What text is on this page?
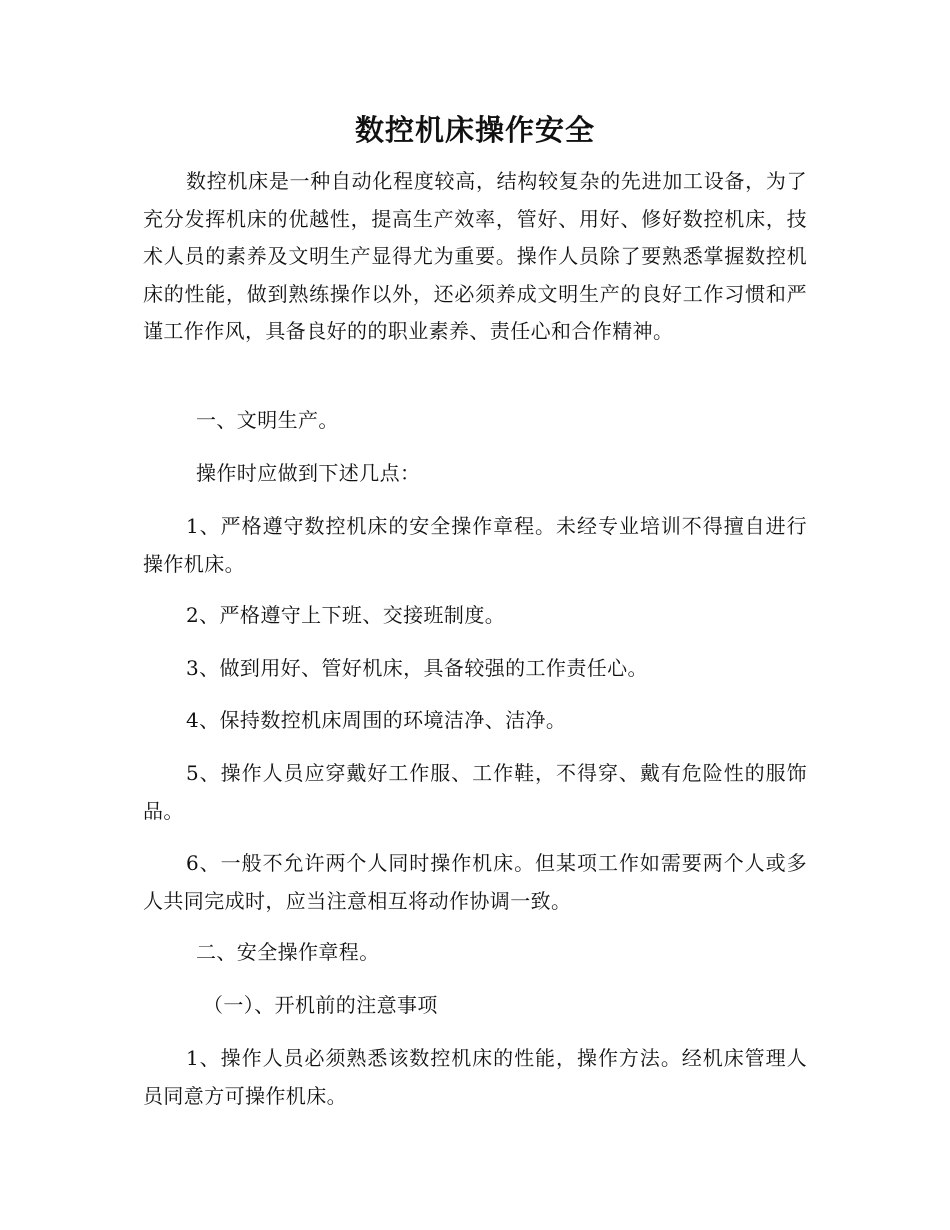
数控机床操作安全

数控机床是一种自动化程度较高，结构较复杂的先进加工设备，为了充分发挥机床的优越性，提高生产效率，管好、用好、修好数控机床，技术人员的素养及文明生产显得尤为重要。操作人员除了要熟悉掌握数控机床的性能，做到熟练操作以外，还必须养成文明生产的良好工作习惯和严谨工作作风，具备良好的的职业素养、责任心和合作精神。

一、文明生产。

操作时应做到下述几点：

1、严格遵守数控机床的安全操作章程。未经专业培训不得擅自进行操作机床。

2、严格遵守上下班、交接班制度。

3、做到用好、管好机床，具备较强的工作责任心。

4、保持数控机床周围的环境洁净、洁净。

5、操作人员应穿戴好工作服、工作鞋，不得穿、戴有危险性的服饰品。

6、一般不允许两个人同时操作机床。但某项工作如需要两个人或多人共同完成时，应当注意相互将动作协调一致。

二、安全操作章程。

（一）、开机前的注意事项

1、操作人员必须熟悉该数控机床的性能，操作方法。经机床管理人员同意方可操作机床。
